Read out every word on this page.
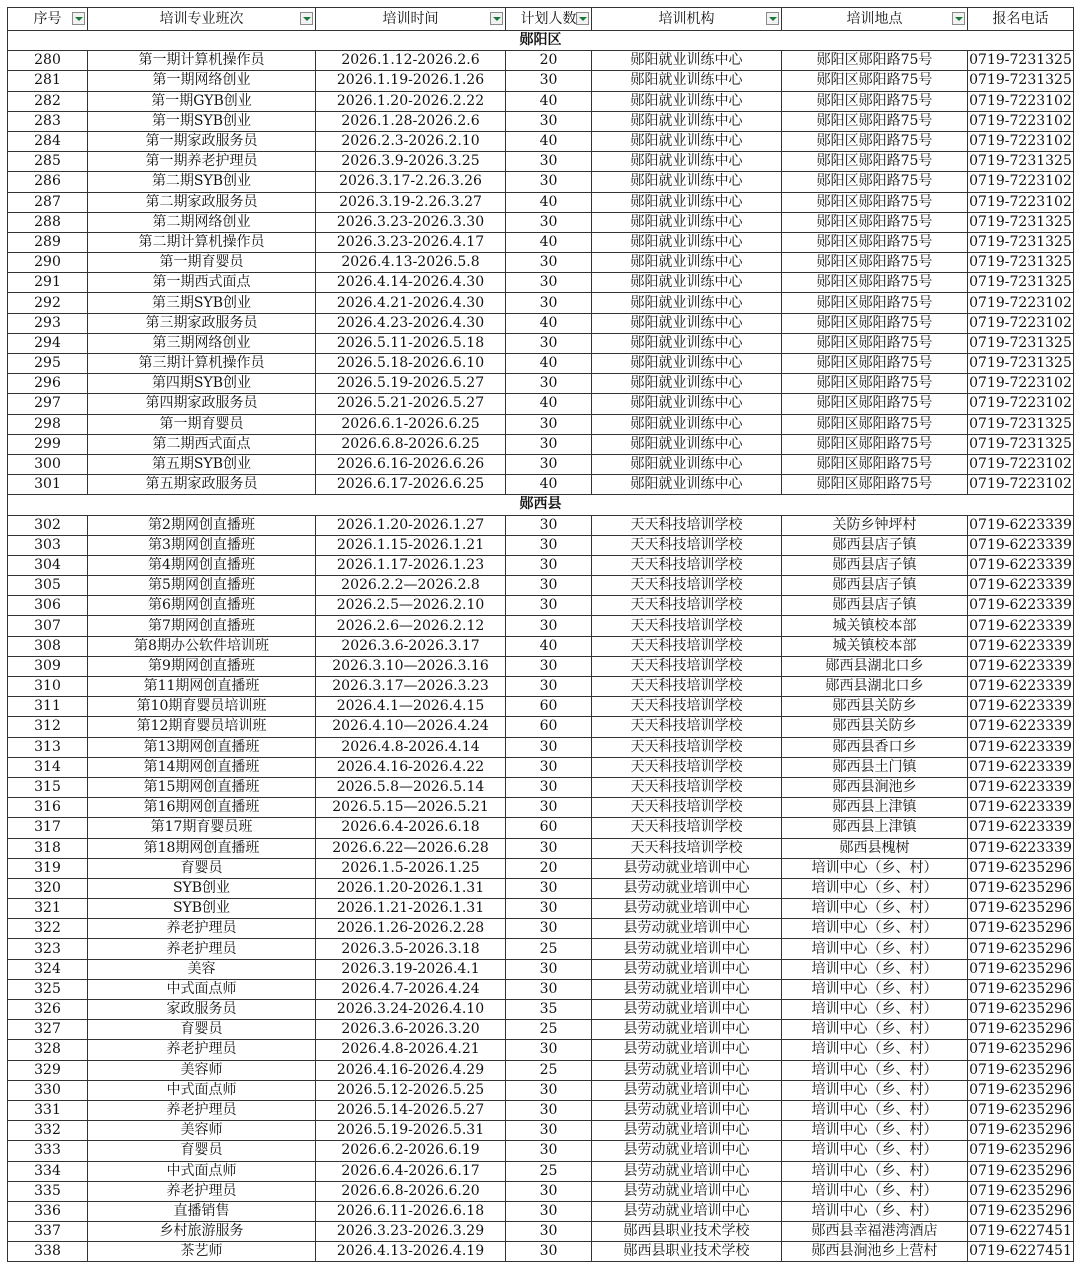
序号	培训专业班次	培训时间	计划人数	培训机构	培训地点	报名电话
郧阳区						
280	第一期计算机操作员	2026.1.12-2026.2.6	20	郧阳就业训练中心	郧阳区郧阳路75号	0719-7231325
281	第一期网络创业	2026.1.19-2026.1.26	30	郧阳就业训练中心	郧阳区郧阳路75号	0719-7231325
282	第一期GYB创业	2026.1.20-2026.2.22	40	郧阳就业训练中心	郧阳区郧阳路75号	0719-7223102
283	第一期SYB创业	2026.1.28-2026.2.6	30	郧阳就业训练中心	郧阳区郧阳路75号	0719-7223102
284	第一期家政服务员	2026.2.3-2026.2.10	40	郧阳就业训练中心	郧阳区郧阳路75号	0719-7223102
285	第一期养老护理员	2026.3.9-2026.3.25	30	郧阳就业训练中心	郧阳区郧阳路75号	0719-7231325
286	第二期SYB创业	2026.3.17-2.26.3.26	30	郧阳就业训练中心	郧阳区郧阳路75号	0719-7223102
287	第二期家政服务员	2026.3.19-2.26.3.27	40	郧阳就业训练中心	郧阳区郧阳路75号	0719-7223102
288	第二期网络创业	2026.3.23-2026.3.30	30	郧阳就业训练中心	郧阳区郧阳路75号	0719-7231325
289	第二期计算机操作员	2026.3.23-2026.4.17	40	郧阳就业训练中心	郧阳区郧阳路75号	0719-7231325
290	第一期育婴员	2026.4.13-2026.5.8	30	郧阳就业训练中心	郧阳区郧阳路75号	0719-7231325
291	第一期西式面点	2026.4.14-2026.4.30	30	郧阳就业训练中心	郧阳区郧阳路75号	0719-7231325
292	第三期SYB创业	2026.4.21-2026.4.30	30	郧阳就业训练中心	郧阳区郧阳路75号	0719-7223102
293	第三期家政服务员	2026.4.23-2026.4.30	40	郧阳就业训练中心	郧阳区郧阳路75号	0719-7223102
294	第三期网络创业	2026.5.11-2026.5.18	30	郧阳就业训练中心	郧阳区郧阳路75号	0719-7231325
295	第三期计算机操作员	2026.5.18-2026.6.10	40	郧阳就业训练中心	郧阳区郧阳路75号	0719-7231325
296	第四期SYB创业	2026.5.19-2026.5.27	30	郧阳就业训练中心	郧阳区郧阳路75号	0719-7223102
297	第四期家政服务员	2026.5.21-2026.5.27	40	郧阳就业训练中心	郧阳区郧阳路75号	0719-7223102
298	第一期育婴员	2026.6.1-2026.6.25	30	郧阳就业训练中心	郧阳区郧阳路75号	0719-7231325
299	第二期西式面点	2026.6.8-2026.6.25	30	郧阳就业训练中心	郧阳区郧阳路75号	0719-7231325
300	第五期SYB创业	2026.6.16-2026.6.26	30	郧阳就业训练中心	郧阳区郧阳路75号	0719-7223102
301	第五期家政服务员	2026.6.17-2026.6.25	40	郧阳就业训练中心	郧阳区郧阳路75号	0719-7223102
郧西县						
302	第2期网创直播班	2026.1.20-2026.1.27	30	天天科技培训学校	关防乡钟坪村	0719-6223339
303	第3期网创直播班	2026.1.15-2026.1.21	30	天天科技培训学校	郧西县店子镇	0719-6223339
304	第4期网创直播班	2026.1.17-2026.1.23	30	天天科技培训学校	郧西县店子镇	0719-6223339
305	第5期网创直播班	2026.2.2—2026.2.8	30	天天科技培训学校	郧西县店子镇	0719-6223339
306	第6期网创直播班	2026.2.5—2026.2.10	30	天天科技培训学校	郧西县店子镇	0719-6223339
307	第7期网创直播班	2026.2.6—2026.2.12	30	天天科技培训学校	城关镇校本部	0719-6223339
308	第8期办公软件培训班	2026.3.6-2026.3.17	40	天天科技培训学校	城关镇校本部	0719-6223339
309	第9期网创直播班	2026.3.10—2026.3.16	30	天天科技培训学校	郧西县湖北口乡	0719-6223339
310	第11期网创直播班	2026.3.17—2026.3.23	30	天天科技培训学校	郧西县湖北口乡	0719-6223339
311	第10期育婴员培训班	2026.4.1—2026.4.15	60	天天科技培训学校	郧西县关防乡	0719-6223339
312	第12期育婴员培训班	2026.4.10—2026.4.24	60	天天科技培训学校	郧西县关防乡	0719-6223339
313	第13期网创直播班	2026.4.8-2026.4.14	30	天天科技培训学校	郧西县香口乡	0719-6223339
314	第14期网创直播班	2026.4.16-2026.4.22	30	天天科技培训学校	郧西县土门镇	0719-6223339
315	第15期网创直播班	2026.5.8—2026.5.14	30	天天科技培训学校	郧西县涧池乡	0719-6223339
316	第16期网创直播班	2026.5.15—2026.5.21	30	天天科技培训学校	郧西县上津镇	0719-6223339
317	第17期育婴员班	2026.6.4-2026.6.18	60	天天科技培训学校	郧西县上津镇	0719-6223339
318	第18期网创直播班	2026.6.22—2026.6.28	30	天天科技培训学校	郧西县槐树	0719-6223339
319	育婴员	2026.1.5-2026.1.25	20	县劳动就业培训中心	培训中心（乡、村）	0719-6235296
320	SYB创业	2026.1.20-2026.1.31	30	县劳动就业培训中心	培训中心（乡、村）	0719-6235296
321	SYB创业	2026.1.21-2026.1.31	30	县劳动就业培训中心	培训中心（乡、村）	0719-6235296
322	养老护理员	2026.1.26-2026.2.28	30	县劳动就业培训中心	培训中心（乡、村）	0719-6235296
323	养老护理员	2026.3.5-2026.3.18	25	县劳动就业培训中心	培训中心（乡、村）	0719-6235296
324	美容	2026.3.19-2026.4.1	30	县劳动就业培训中心	培训中心（乡、村）	0719-6235296
325	中式面点师	2026.4.7-2026.4.24	30	县劳动就业培训中心	培训中心（乡、村）	0719-6235296
326	家政服务员	2026.3.24-2026.4.10	35	县劳动就业培训中心	培训中心（乡、村）	0719-6235296
327	育婴员	2026.3.6-2026.3.20	25	县劳动就业培训中心	培训中心（乡、村）	0719-6235296
328	养老护理员	2026.4.8-2026.4.21	30	县劳动就业培训中心	培训中心（乡、村）	0719-6235296
329	美容师	2026.4.16-2026.4.29	25	县劳动就业培训中心	培训中心（乡、村）	0719-6235296
330	中式面点师	2026.5.12-2026.5.25	30	县劳动就业培训中心	培训中心（乡、村）	0719-6235296
331	养老护理员	2026.5.14-2026.5.27	30	县劳动就业培训中心	培训中心（乡、村）	0719-6235296
332	美容师	2026.5.19-2026.5.31	30	县劳动就业培训中心	培训中心（乡、村）	0719-6235296
333	育婴员	2026.6.2-2026.6.19	30	县劳动就业培训中心	培训中心（乡、村）	0719-6235296
334	中式面点师	2026.6.4-2026.6.17	25	县劳动就业培训中心	培训中心（乡、村）	0719-6235296
335	养老护理员	2026.6.8-2026.6.20	30	县劳动就业培训中心	培训中心（乡、村）	0719-6235296
336	直播销售	2026.6.11-2026.6.18	30	县劳动就业培训中心	培训中心（乡、村）	0719-6235296
337	乡村旅游服务	2026.3.23-2026.3.29	30	郧西县职业技术学校	郧西县幸福港湾酒店	0719-6227451
338	茶艺师	2026.4.13-2026.4.19	30	郧西县职业技术学校	郧西县涧池乡上营村	0719-6227451
